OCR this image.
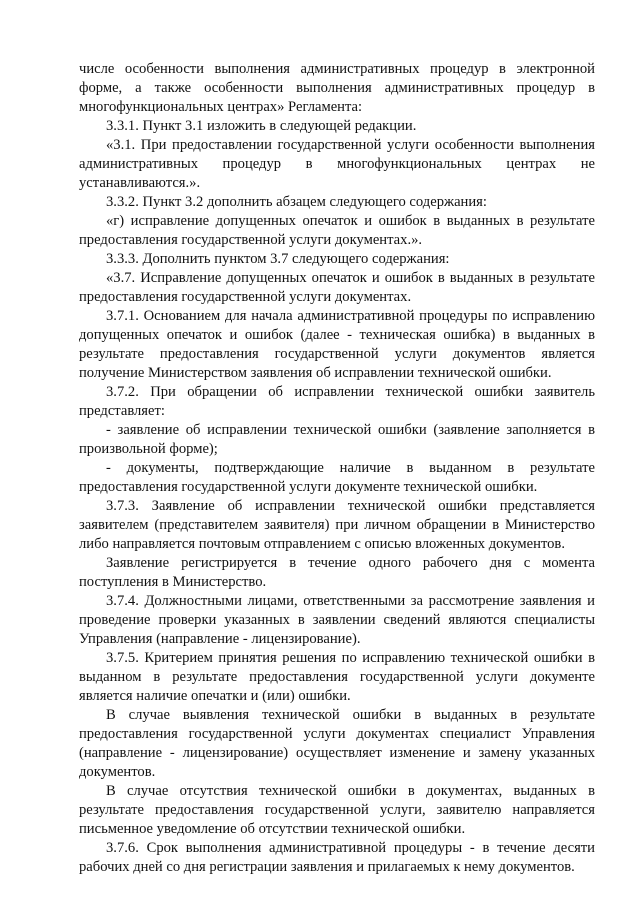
числе особенности выполнения административных процедур в электронной форме, а также особенности выполнения административных процедур в многофункциональных центрах» Регламента:

3.3.1. Пункт 3.1 изложить в следующей редакции.

«3.1. При предоставлении государственной услуги особенности выполнения административных процедур в многофункциональных центрах не устанавливаются.».

3.3.2. Пункт 3.2 дополнить абзацем следующего содержания:

«г) исправление допущенных опечаток и ошибок в выданных в результате предоставления государственной услуги документах.».

3.3.3. Дополнить пунктом 3.7 следующего содержания:

«3.7. Исправление допущенных опечаток и ошибок в выданных в результате предоставления государственной услуги документах.

3.7.1. Основанием для начала административной процедуры по исправлению допущенных опечаток и ошибок (далее - техническая ошибка) в выданных в результате предоставления государственной услуги документов является получение Министерством заявления об исправлении технической ошибки.

3.7.2. При обращении об исправлении технической ошибки заявитель представляет:

- заявление об исправлении технической ошибки (заявление заполняется в произвольной форме);

- документы, подтверждающие наличие в выданном в результате предоставления государственной услуги документе технической ошибки.

3.7.3. Заявление об исправлении технической ошибки представляется заявителем (представителем заявителя) при личном обращении в Министерство либо направляется почтовым отправлением с описью вложенных документов.

Заявление регистрируется в течение одного рабочего дня с момента поступления в Министерство.

3.7.4. Должностными лицами, ответственными за рассмотрение заявления и проведение проверки указанных в заявлении сведений являются специалисты Управления (направление - лицензирование).

3.7.5. Критерием принятия решения по исправлению технической ошибки в выданном в результате предоставления государственной услуги документе является наличие опечатки и (или) ошибки.

В случае выявления технической ошибки в выданных в результате предоставления государственной услуги документах специалист Управления (направление - лицензирование) осуществляет изменение и замену указанных документов.

В случае отсутствия технической ошибки в документах, выданных в результате предоставления государственной услуги, заявителю направляется письменное уведомление об отсутствии технической ошибки.

3.7.6. Срок выполнения административной процедуры - в течение десяти рабочих дней со дня регистрации заявления и прилагаемых к нему документов.
